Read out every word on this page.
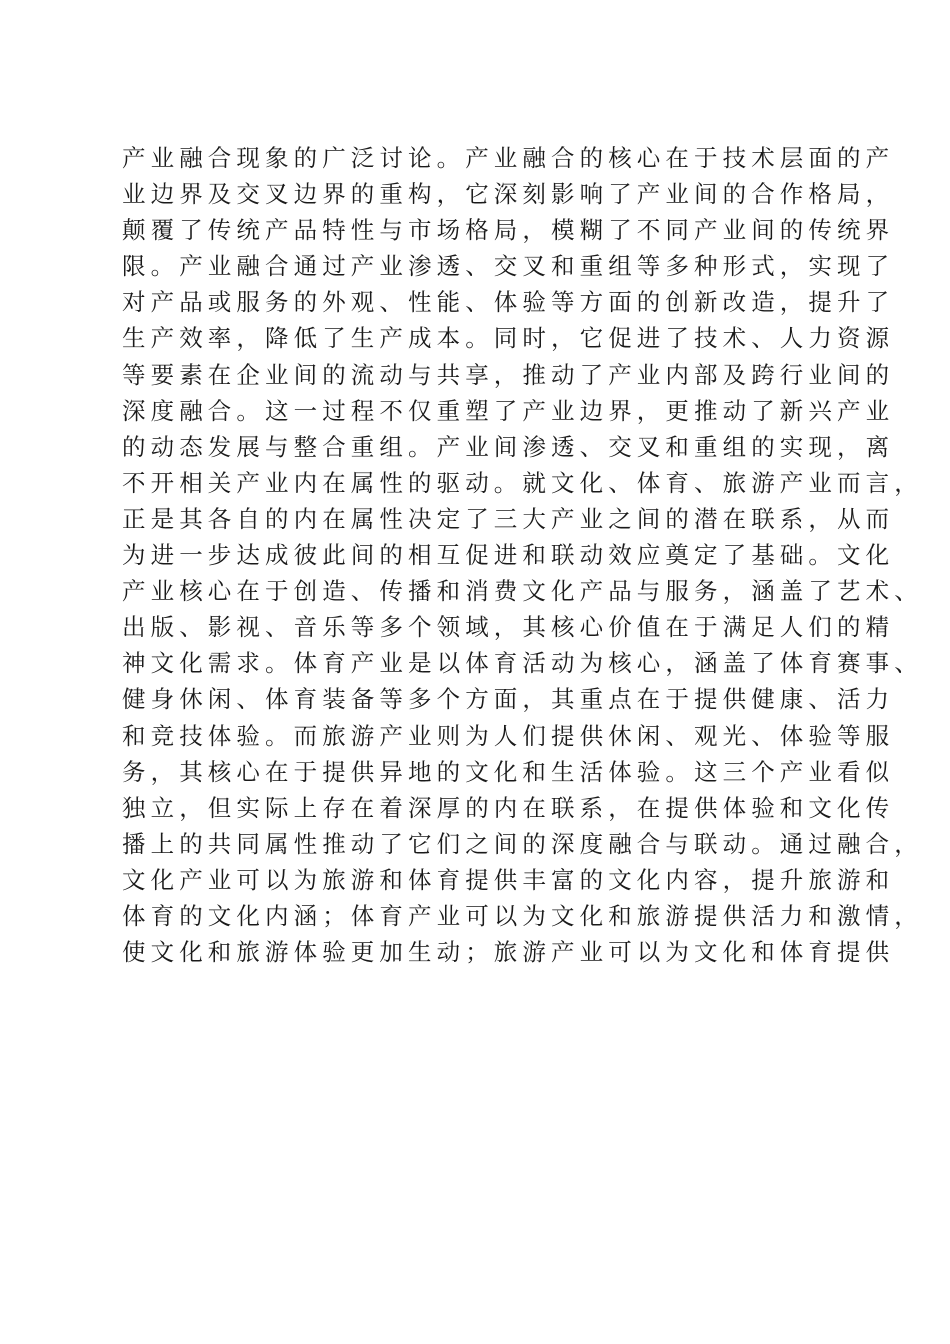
产业融合现象的广泛讨论。产业融合的核心在于技术层面的产
业边界及交叉边界的重构，它深刻影响了产业间的合作格局，
颠覆了传统产品特性与市场格局，模糊了不同产业间的传统界
限。产业融合通过产业渗透、交叉和重组等多种形式，实现了
对产品或服务的外观、性能、体验等方面的创新改造，提升了
生产效率，降低了生产成本。同时，它促进了技术、人力资源
等要素在企业间的流动与共享，推动了产业内部及跨行业间的
深度融合。这一过程不仅重塑了产业边界，更推动了新兴产业
的动态发展与整合重组。产业间渗透、交叉和重组的实现，离
不开相关产业内在属性的驱动。就文化、体育、旅游产业而言，
正是其各自的内在属性决定了三大产业之间的潜在联系，从而
为进一步达成彼此间的相互促进和联动效应奠定了基础。文化
产业核心在于创造、传播和消费文化产品与服务，涵盖了艺术、
出版、影视、音乐等多个领域，其核心价值在于满足人们的精
神文化需求。体育产业是以体育活动为核心，涵盖了体育赛事、
健身休闲、体育装备等多个方面，其重点在于提供健康、活力
和竞技体验。而旅游产业则为人们提供休闲、观光、体验等服
务，其核心在于提供异地的文化和生活体验。这三个产业看似
独立，但实际上存在着深厚的内在联系，在提供体验和文化传
播上的共同属性推动了它们之间的深度融合与联动。通过融合，
文化产业可以为旅游和体育提供丰富的文化内容，提升旅游和
体育的文化内涵；体育产业可以为文化和旅游提供活力和激情，
使文化和旅游体验更加生动；旅游产业可以为文化和体育提供
